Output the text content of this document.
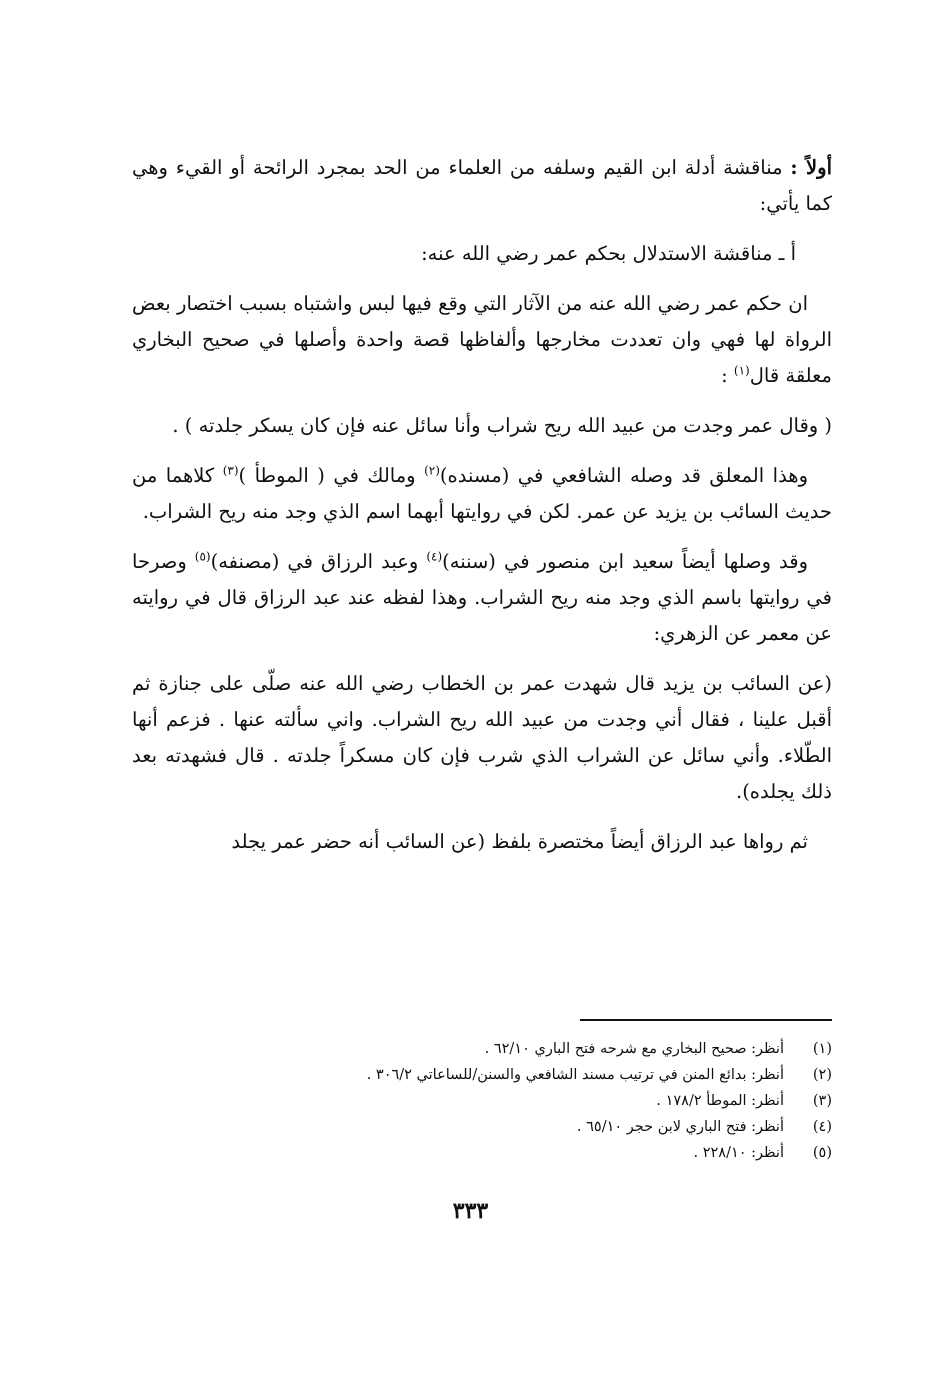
أولاً : مناقشة أدلة ابن القيم وسلفه من العلماء من الحد بمجرد الرائحة أو القيء وهي كما يأتي:

أ ـ مناقشة الاستدلال بحكم عمر رضي الله عنه:

ان حكم عمر رضي الله عنه من الآثار التي وقع فيها لبس واشتباه بسبب اختصار بعض الرواة لها فهي وان تعددت مخارجها وألفاظها قصة واحدة وأصلها في صحيح البخاري معلقة قال$^{(١)}$ :

( وقال عمر وجدت من عبيد الله ريح شراب وأنا سائل عنه فإن كان يسكر جلدته ) .

وهذا المعلق قد وصله الشافعي في (مسنده)$^{(٢)}$ ومالك في ( الموطأ )$^{(٣)}$ كلاهما من حديث السائب بن يزيد عن عمر. لكن في روايتها أبهما اسم الذي وجد منه ريح الشراب.

وقد وصلها أيضاً سعيد ابن منصور في (سننه)$^{(٤)}$ وعبد الرزاق في (مصنفه)$^{(٥)}$ وصرحا في روايتها باسم الذي وجد منه ريح الشراب. وهذا لفظه عند عبد الرزاق قال في روايته عن معمر عن الزهري:

(عن السائب بن يزيد قال شهدت عمر بن الخطاب رضي الله عنه صلّى على جنازة ثم أقبل علينا ، فقال أني وجدت من عبيد الله ريح الشراب. واني سألته عنها . فزعم أنها الطّلاء. وأني سائل عن الشراب الذي شرب فإن كان مسكراً جلدته . قال فشهدته بعد ذلك يجلده).

ثم رواها عبد الرزاق أيضاً مختصرة بلفظ (عن السائب أنه حضر عمر يجلد

(١)أنظر: صحيح البخاري مع شرحه فتح الباري ٦٢/١٠ .
(٢)أنظر: بدائع المنن في ترتيب مسند الشافعي والسنن/للساعاتي ٣٠٦/٢ .
(٣)أنظر: الموطأ ١٧٨/٢ .
(٤)أنظر: فتح الباري لابن حجر ٦٥/١٠ .
(٥)أنظر: ٢٢٨/١٠ .
٣٣٣
